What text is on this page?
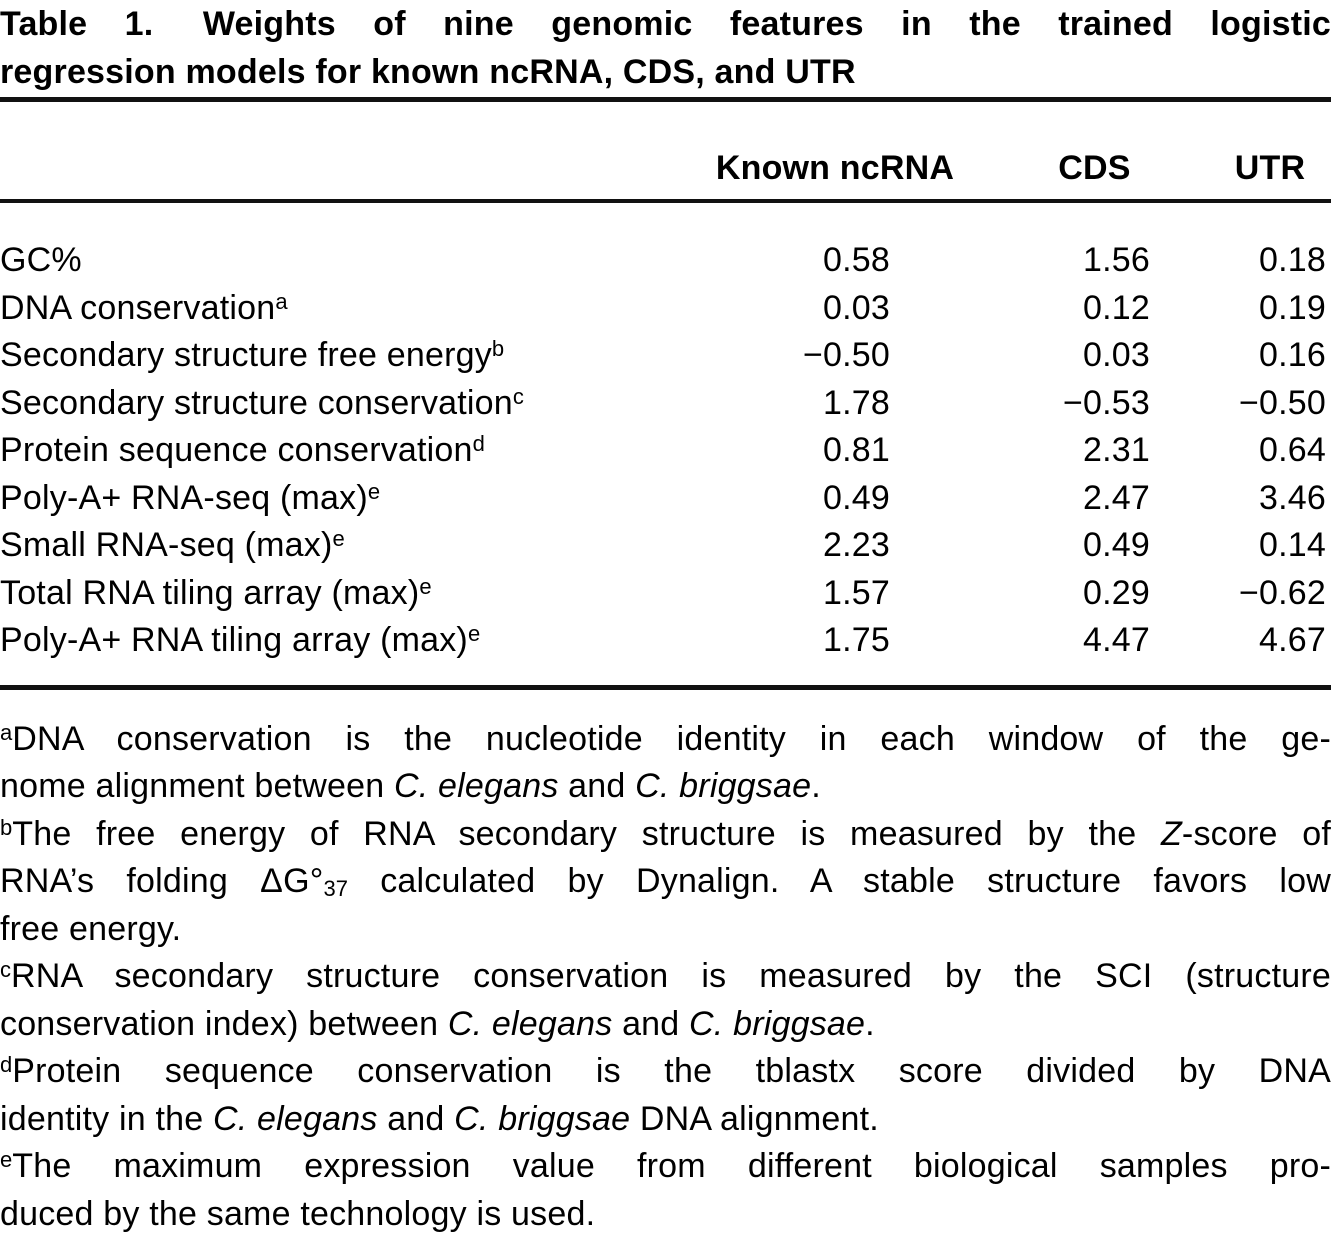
Table 1. Weights of nine genomic features in the trained logistic
regression models for known ncRNA, CDS, and UTR
Known ncRNA	CDS	UTR
GC%	0.58	1.56	0.18
DNA conservation$^a$	0.03	0.12	0.19
Secondary structure free energy$^b$	−0.50	0.03	0.16
Secondary structure conservation$^c$	1.78	−0.53	−0.50
Protein sequence conservation$^d$	0.81	2.31	0.64
Poly-A+ RNA-seq $(\max)^e$	0.49	2.47	3.46
Small RNA-seq $(\max)^e$	2.23	0.49	0.14
Total RNA tiling array $(\max)^e$	1.57	0.29	−0.62
Poly-A+ RNA tiling array $(\max)^e$	1.75	4.47	4.67
$^a$DNA conservation is the nucleotide identity in each window of the ge-
nome alignment between C. elegans and C. briggsae.
$^b$The free energy of RNA secondary structure is measured by the Z-score of
RNA’s folding $\Delta G^\circ_{37}$ calculated by Dynalign. A stable structure favors low
free energy.
$^c$RNA secondary structure conservation is measured by the SCI (structure
conservation index) between C. elegans and C. briggsae.
$^d$Protein sequence conservation is the tblastx score divided by DNA
identity in the C. elegans and C. briggsae DNA alignment.
$^e$The maximum expression value from different biological samples pro-
duced by the same technology is used.
